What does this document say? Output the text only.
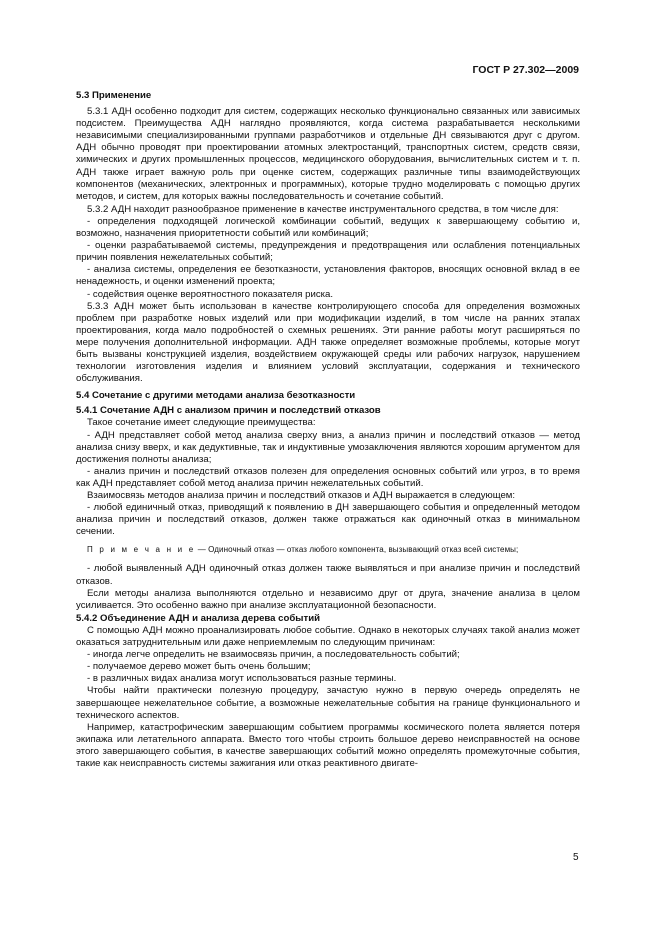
ГОСТ Р 27.302—2009

5.3 Применение

5.3.1 АДН особенно подходит для систем, содержащих несколько функционально связанных или зависимых подсистем. Преимущества АДН наглядно проявляются, когда система разрабатывается несколькими независимыми специализированными группами разработчиков и отдельные ДН связываются друг с другом. АДН обычно проводят при проектировании атомных электростанций, транспортных систем, средств связи, химических и других промышленных процессов, медицинского оборудования, вычислительных систем и т. п. АДН также играет важную роль при оценке систем, содержащих различные типы взаимодействующих компонентов (механических, электронных и программных), которые трудно моделировать с помощью других методов, и систем, для которых важны последовательность и сочетание событий.

5.3.2 АДН находит разнообразное применение в качестве инструментального средства, в том числе для:

- определения подходящей логической комбинации событий, ведущих к завершающему событию и, возможно, назначения приоритетности событий или комбинаций;

- оценки разрабатываемой системы, предупреждения и предотвращения или ослабления потенциальных причин появления нежелательных событий;

- анализа системы, определения ее безотказности, установления факторов, вносящих основной вклад в ее ненадежность, и оценки изменений проекта;

- содействия оценке вероятностного показателя риска.

5.3.3 АДН может быть использован в качестве контролирующего способа для определения возможных проблем при разработке новых изделий или при модификации изделий, в том числе на ранних этапах проектирования, когда мало подробностей о схемных решениях. Эти ранние работы могут расширяться по мере получения дополнительной информации. АДН также определяет возможные проблемы, которые могут быть вызваны конструкцией изделия, воздействием окружающей среды или рабочих нагрузок, нарушением технологии изготовления изделия и влиянием условий эксплуатации, содержания и технического обслуживания.

5.4 Сочетание с другими методами анализа безотказности

5.4.1 Сочетание АДН с анализом причин и последствий отказов

Такое сочетание имеет следующие преимущества:

- АДН представляет собой метод анализа сверху вниз, а анализ причин и последствий отказов — метод анализа снизу вверх, и как дедуктивные, так и индуктивные умозаключения являются хорошим аргументом для достижения полноты анализа;

- анализ причин и последствий отказов полезен для определения основных событий или угроз, в то время как АДН представляет собой метод анализа причин нежелательных событий.

Взаимосвязь методов анализа причин и последствий отказов и АДН выражается в следующем:

- любой единичный отказ, приводящий к появлению в ДН завершающего события и определенный методом анализа причин и последствий отказов, должен также отражаться как одиночный отказ в минимальном сечении.

П р и м е ч а н и е — Одиночный отказ — отказ любого компонента, вызывающий отказ всей системы;

- любой выявленный АДН одиночный отказ должен также выявляться и при анализе причин и последствий отказов.

Если методы анализа выполняются отдельно и независимо друг от друга, значение анализа в целом усиливается. Это особенно важно при анализе эксплуатационной безопасности.

5.4.2 Объединение АДН и анализа дерева событий

С помощью АДН можно проанализировать любое событие. Однако в некоторых случаях такой анализ может оказаться затруднительным или даже неприемлемым по следующим причинам:

- иногда легче определить не взаимосвязь причин, а последовательность событий;

- получаемое дерево может быть очень большим;

- в различных видах анализа могут использоваться разные термины.

Чтобы найти практически полезную процедуру, зачастую нужно в первую очередь определять не завершающее нежелательное событие, а возможные нежелательные события на границе функционального и технического аспектов.

Например, катастрофическим завершающим событием программы космического полета является потеря экипажа или летательного аппарата. Вместо того чтобы строить большое дерево неисправностей на основе этого завершающего события, в качестве завершающих событий можно определять промежуточные события, такие как неисправность системы зажигания или отказ реактивного двигате-

5
